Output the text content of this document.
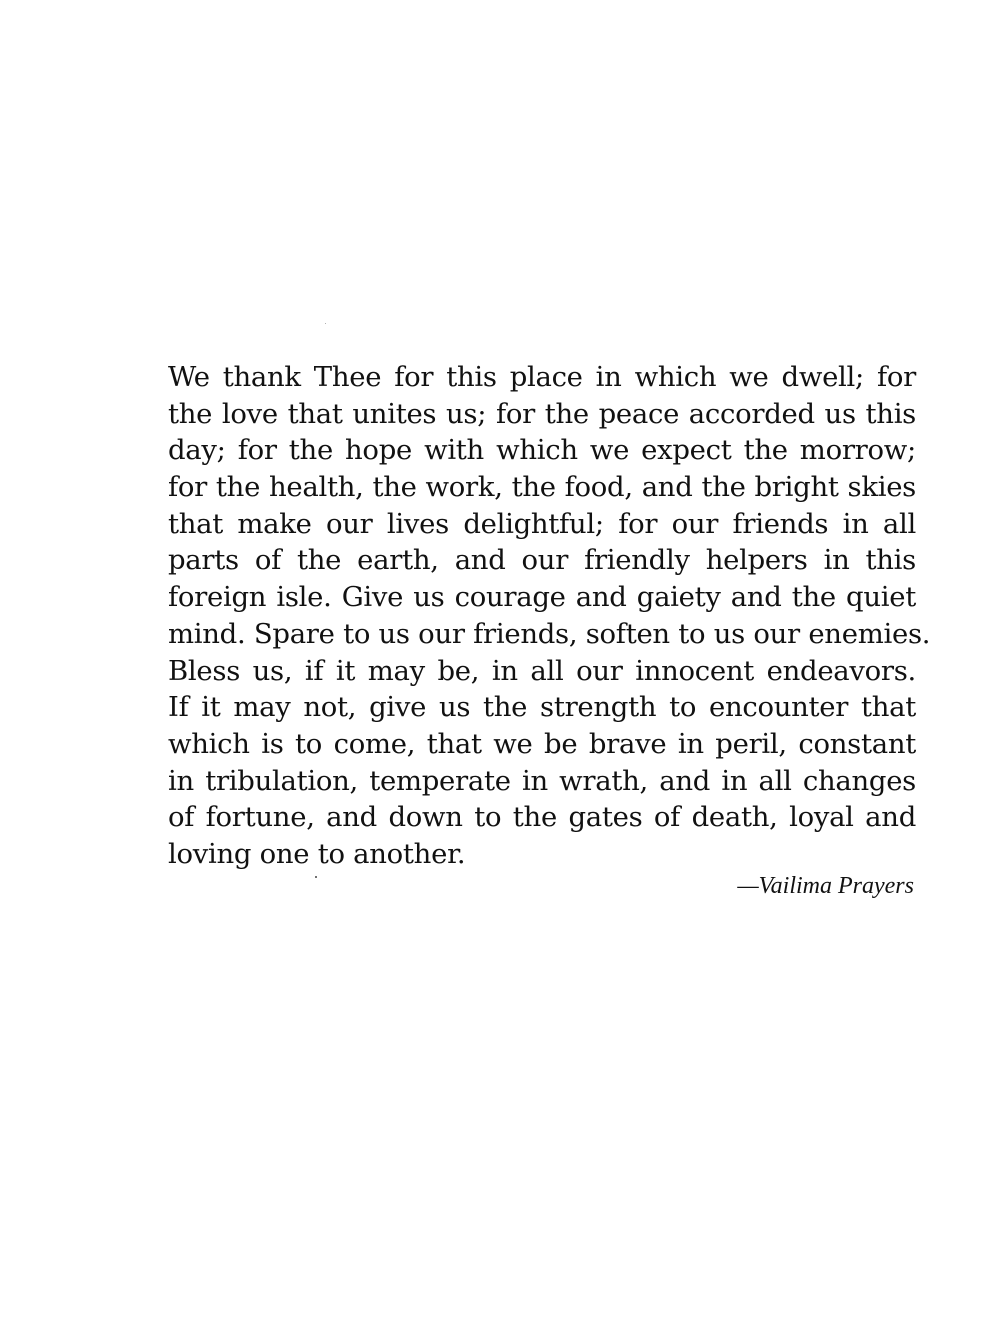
We thank Thee for this place in which we dwell; for
the love that unites us; for the peace accorded us this
day; for the hope with which we expect the morrow;
for the health, the work, the food, and the bright skies
that make our lives delightful; for our friends in all
parts of the earth, and our friendly helpers in this
foreign isle. Give us courage and gaiety and the quiet
mind. Spare to us our friends, soften to us our enemies.
Bless us, if it may be, in all our innocent endeavors.
If it may not, give us the strength to encounter that
which is to come, that we be brave in peril, constant
in tribulation, temperate in wrath, and in all changes
of fortune, and down to the gates of death, loyal and
loving one to another.

—Vailima Prayers
